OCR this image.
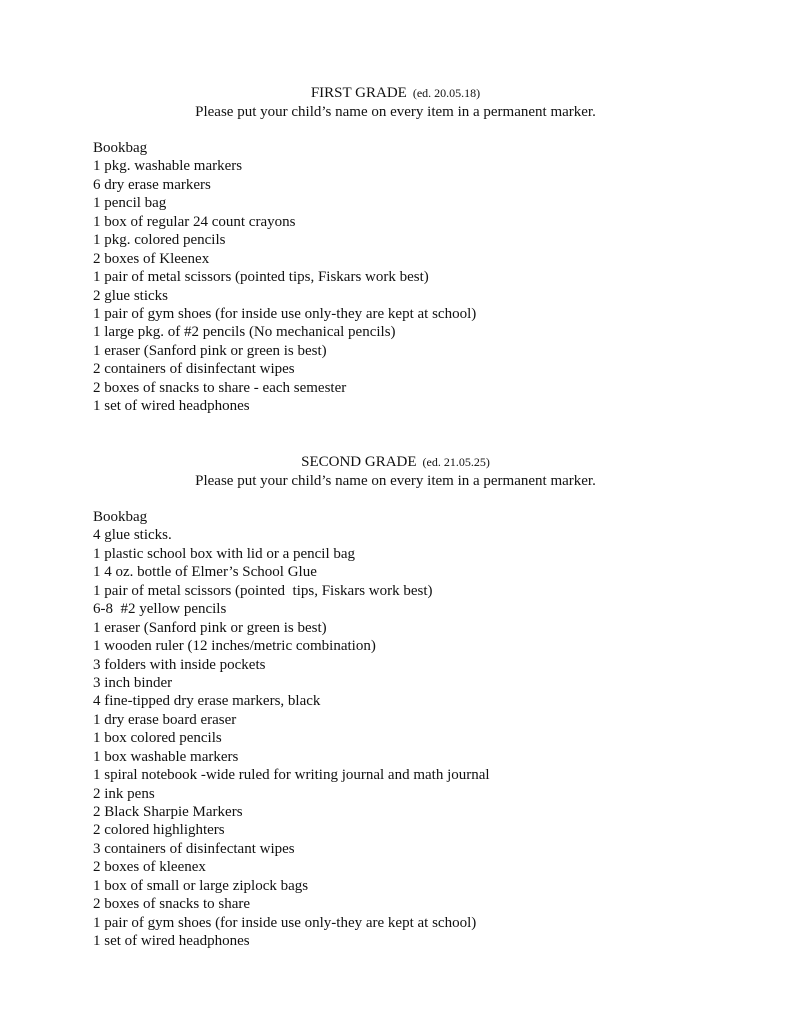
FIRST GRADE (ed. 20.05.18)
Please put your child’s name on every item in a permanent marker.
Bookbag
1 pkg. washable markers
6 dry erase markers
1 pencil bag
1 box of regular 24 count crayons
1 pkg. colored pencils
2 boxes of Kleenex
1 pair of metal scissors (pointed tips, Fiskars work best)
2 glue sticks
1 pair of gym shoes (for inside use only-they are kept at school)
1 large pkg. of #2 pencils (No mechanical pencils)
1 eraser (Sanford pink or green is best)
2 containers of disinfectant wipes
2 boxes of snacks to share - each semester
1 set of wired headphones
SECOND GRADE (ed. 21.05.25)
Please put your child’s name on every item in a permanent marker.
Bookbag
4 glue sticks.
1 plastic school box with lid or a pencil bag
1 4 oz. bottle of Elmer’s School Glue
1 pair of metal scissors (pointed  tips, Fiskars work best)
6-8  #2 yellow pencils
1 eraser (Sanford pink or green is best)
1 wooden ruler (12 inches/metric combination)
3 folders with inside pockets
3 inch binder
4 fine-tipped dry erase markers, black
1 dry erase board eraser
1 box colored pencils
1 box washable markers
1 spiral notebook -wide ruled for writing journal and math journal
2 ink pens
2 Black Sharpie Markers
2 colored highlighters
3 containers of disinfectant wipes
2 boxes of kleenex
1 box of small or large ziplock bags
2 boxes of snacks to share
1 pair of gym shoes (for inside use only-they are kept at school)
1 set of wired headphones
